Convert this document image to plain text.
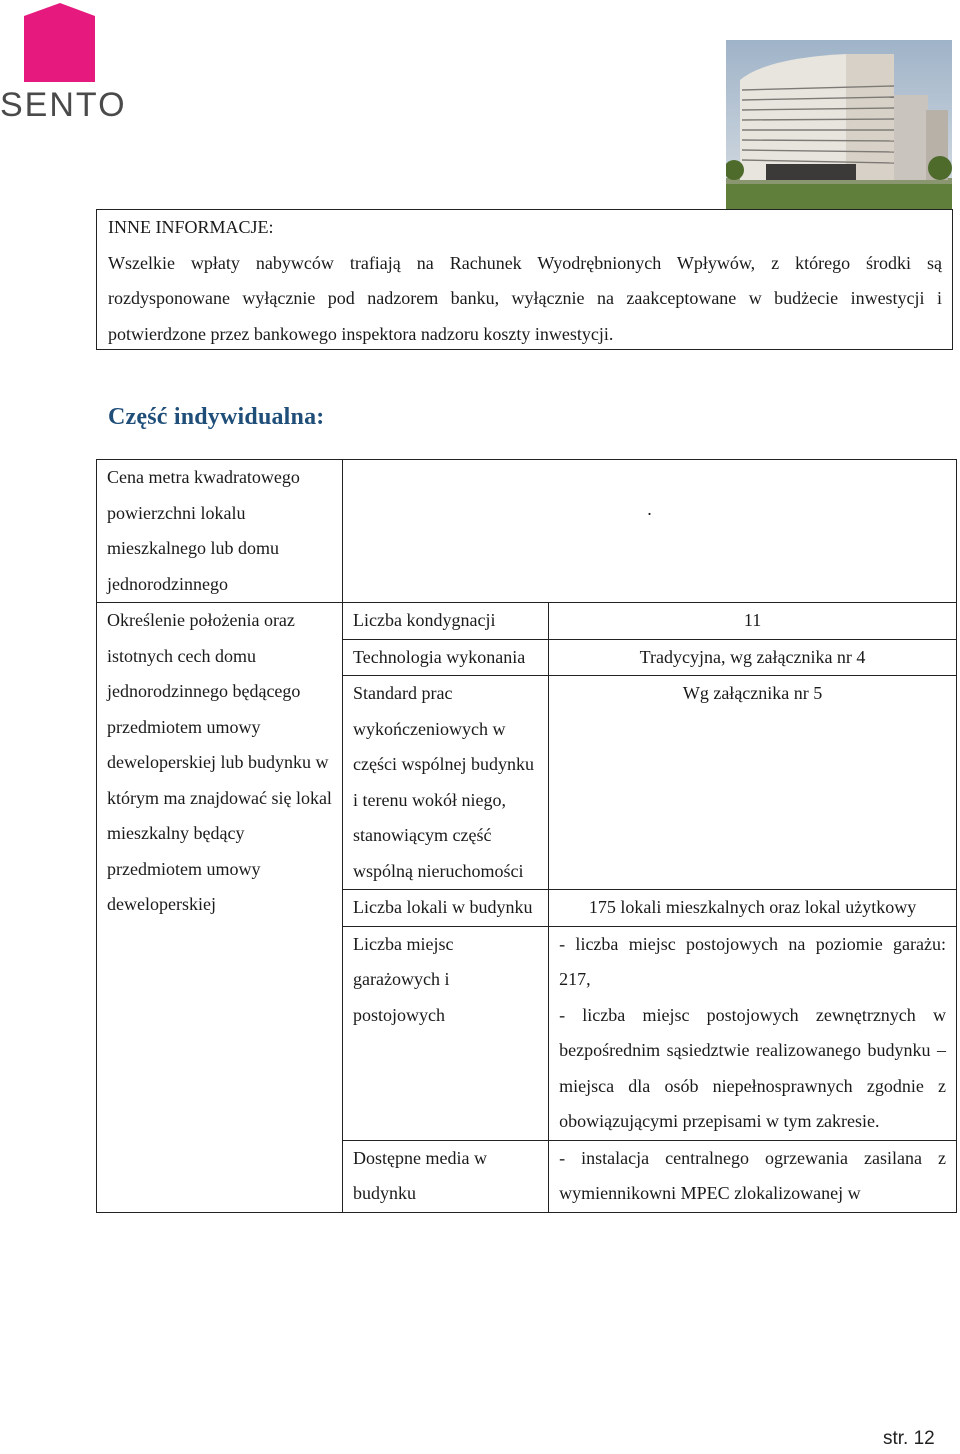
SENTO
INNE INFORMACJE:
Wszelkie wpłaty nabywców trafiają na Rachunek Wyodrębnionych Wpływów, z którego środki są rozdysponowane wyłącznie pod nadzorem banku, wyłącznie na zaakceptowane w budżecie inwestycji i potwierdzone przez bankowego inspektora nadzoru koszty inwestycji.
Część indywidualna:
Cena metra kwadratowego powierzchni lokalu mieszkalnego lub domu jednorodzinnego	.	
Określenie położenia oraz istotnych cech domu jednorodzinnego będącego przedmiotem umowy deweloperskiej lub budynku w którym ma znajdować się lokal mieszkalny będący przedmiotem umowy deweloperskiej	Liczba kondygnacji	11
	Technologia wykonania	Tradycyjna, wg załącznika nr 4
	Standard prac wykończeniowych w części wspólnej budynku i terenu wokół niego, stanowiącym część wspólną nieruchomości	Wg załącznika nr 5
	Liczba lokali w budynku	175 lokali mieszkalnych oraz lokal użytkowy
	Liczba miejsc garażowych i postojowych	- liczba miejsc postojowych na poziomie garażu: 217,
- liczba miejsc postojowych zewnętrznych w bezpośrednim sąsiedztwie realizowanego budynku – miejsca dla osób niepełnosprawnych zgodnie z obowiązującymi przepisami w tym zakresie.

	Dostępne media w budynku	- instalacja centralnego ogrzewania zasilana z wymiennikowni MPEC zlokalizowanej w
str. 12
